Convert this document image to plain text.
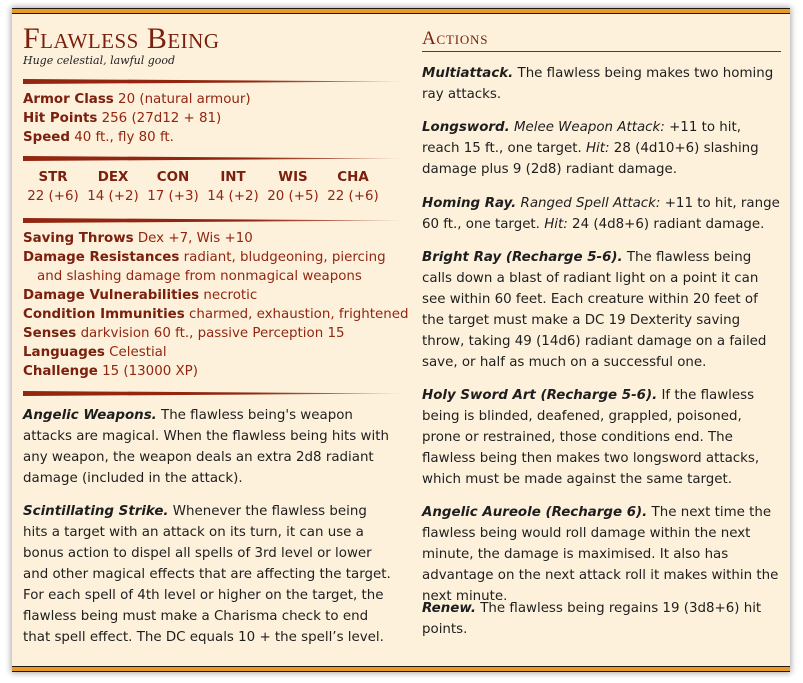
Flawless Being
Huge celestial, lawful good
Armor Class 20 (natural armour)
Hit Points 256 (27d12 + 81)
Speed 40 ft., fly 80 ft.
STR
22 (+6)
DEX
14 (+2)
CON
17 (+3)
INT
14 (+2)
WIS
20 (+5)
CHA
22 (+6)
Saving Throws Dex +7, Wis +10
Damage Resistances radiant, bludgeoning, piercing
and slashing damage from nonmagical weapons
Damage Vulnerabilities necrotic
Condition Immunities charmed, exhaustion, frightened
Senses darkvision 60 ft., passive Perception 15
Languages Celestial
Challenge 15 (13000 XP)

Angelic Weapons. The flawless being's weapon attacks are magical. When the flawless being hits with any weapon, the weapon deals an extra 2d8 radiant damage (included in the attack).

Scintillating Strike. Whenever the flawless being hits a target with an attack on its turn, it can use a bonus action to dispel all spells of 3rd level or lower and other magical effects that are affecting the target. For each spell of 4th level or higher on the target, the flawless being must make a Charisma check to end that spell effect. The DC equals 10 + the spell’s level.

Actions

Multiattack. The flawless being makes two homing ray attacks.

Longsword. Melee Weapon Attack: +11 to hit, reach 15 ft., one target. Hit: 28 (4d10+6) slashing damage plus 9 (2d8) radiant damage.

Homing Ray. Ranged Spell Attack: +11 to hit, range 60 ft., one target. Hit: 24 (4d8+6) radiant damage.

Bright Ray (Recharge 5-6). The flawless being calls down a blast of radiant light on a point it can see within 60 feet. Each creature within 20 feet of the target must make a DC 19 Dexterity saving throw, taking 49 (14d6) radiant damage on a failed save, or half as much on a successful one.

Holy Sword Art (Recharge 5-6). If the flawless being is blinded, deafened, grappled, poisoned, prone or restrained, those conditions end. The flawless being then makes two longsword attacks, which must be made against the same target.

Angelic Aureole (Recharge 6). The next time the flawless being would roll damage within the next minute, the damage is maximised. It also has advantage on the next attack roll it makes within the next minute.

Renew. The flawless being regains 19 (3d8+6) hit points.
